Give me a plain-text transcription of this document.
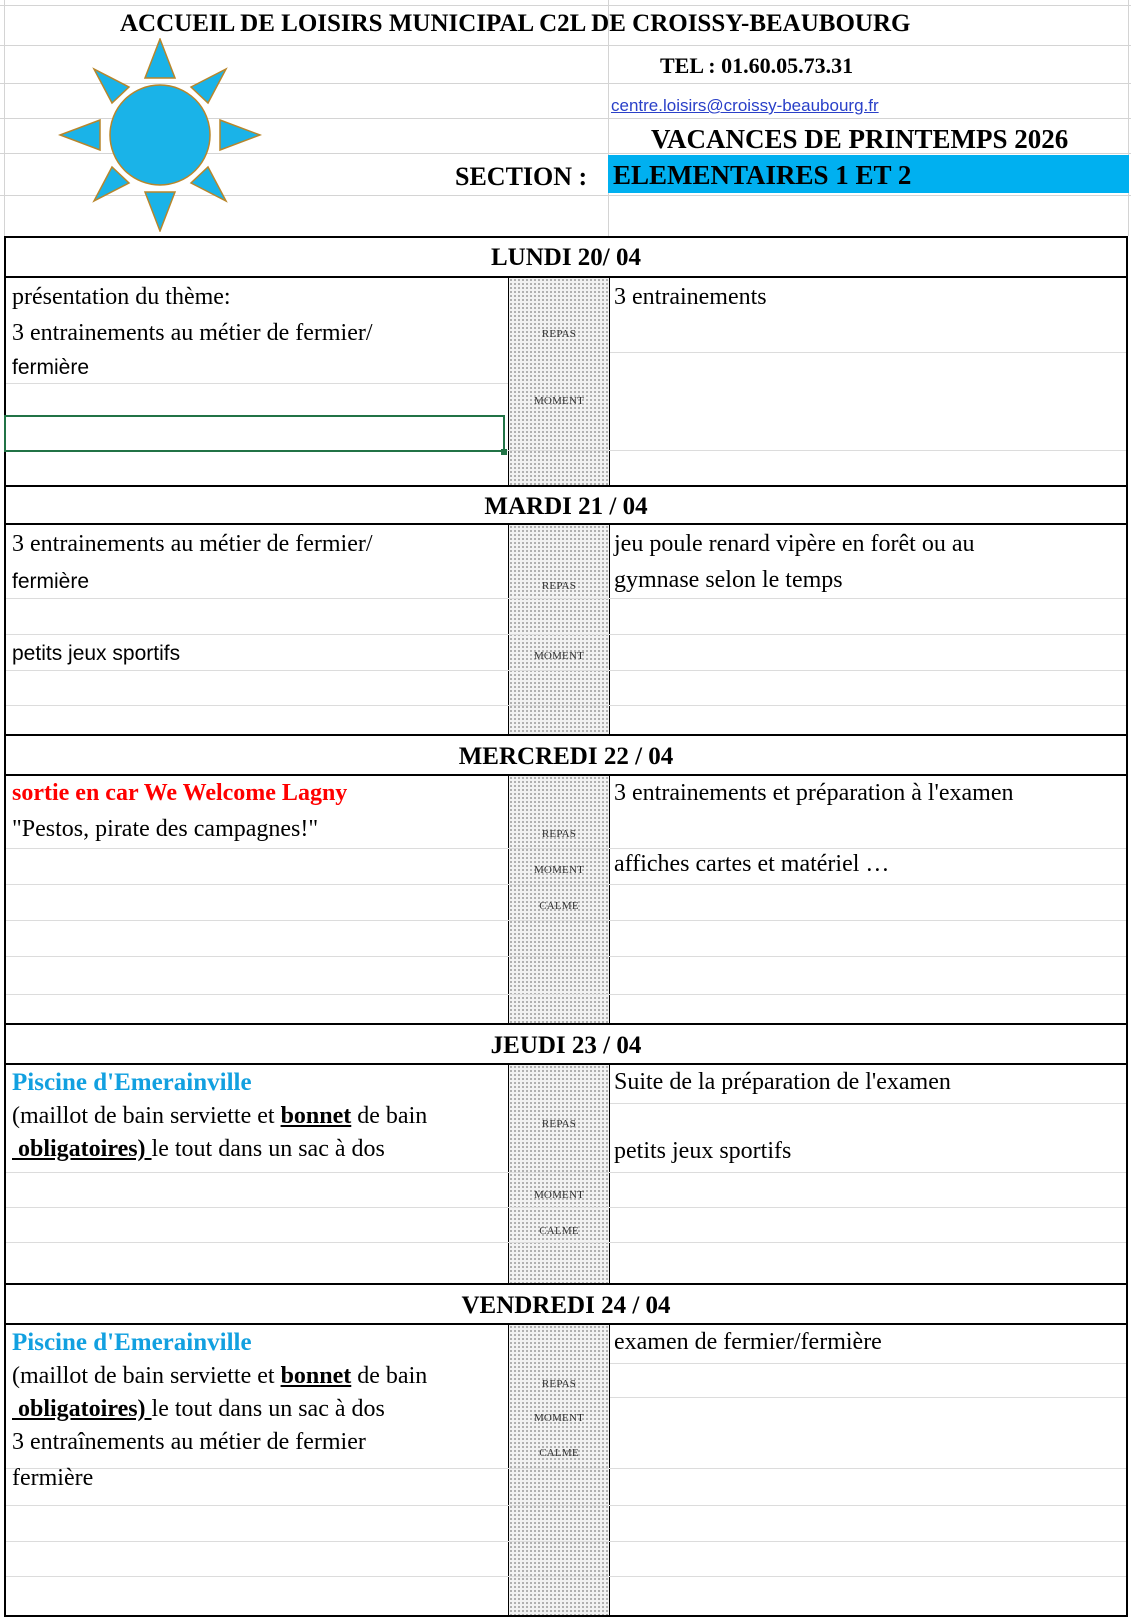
ACCUEIL DE LOISIRS MUNICIPAL C2L DE CROISSY-BEAUBOURG
TEL : 01.60.05.73.31
centre.loisirs@croissy-beaubourg.fr
VACANCES DE PRINTEMPS 2026
SECTION : ELEMENTAIRES 1 ET 2
LUNDI 20/ 04
REPAS
MOMENT
présentation du thème:
3 entrainements au métier de fermier/
fermière
3 entrainements
MARDI 21 / 04
REPAS
MOMENT
3 entrainements au métier de fermier/
fermière
petits jeux sportifs
jeu poule renard vipère en forêt ou au
gymnase selon le temps
MERCREDI 22 / 04
REPAS
MOMENT
CALME
sortie en car We Welcome Lagny
"Pestos, pirate des campagnes!"
3 entrainements et préparation à l'examen
affiches cartes et matériel …
JEUDI 23 / 04
REPAS
MOMENT
CALME
Piscine d'Emerainville
(maillot de bain serviette et bonnet de bain
obligatoires) le tout dans un sac à dos
Suite de la préparation de l'examen
petits jeux sportifs
VENDREDI 24 / 04
REPAS
MOMENT
CALME
Piscine d'Emerainville
(maillot de bain serviette et bonnet de bain
obligatoires) le tout dans un sac à dos
3 entraînements au métier de fermier
fermière
examen de fermier/fermière
